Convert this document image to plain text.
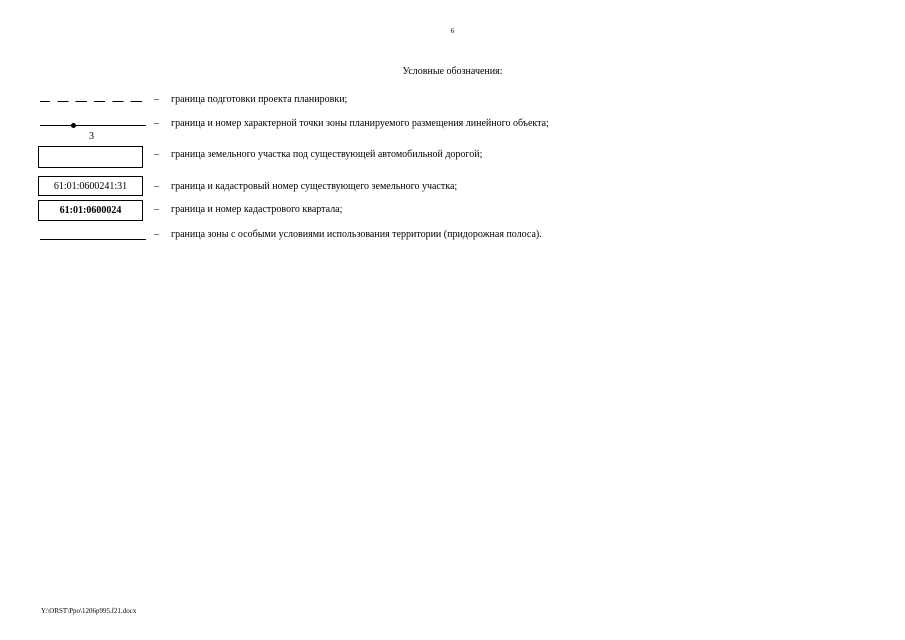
6
Условные обозначения:
– граница подготовки проекта планировки;
3
– граница и номер характерной точки зоны планируемого размещения линейного объекта;
– граница земельного участка под существующей автомобильной дорогой;
61:01:0600241:31	– граница и кадастровый номер существующего земельного участка;
61:01:0600024	– граница и номер кадастрового квартала;
– граница зоны с особыми условиями использования территории (придорожная полоса).
Y:\ORST\Ppo\1206p995.f21.docx
